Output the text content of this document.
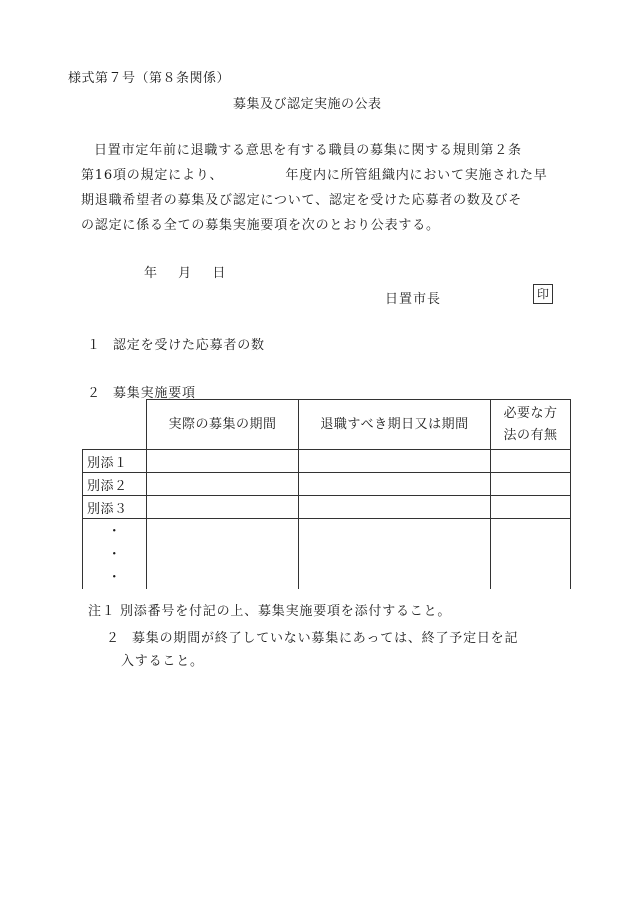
様式第７号（第８条関係）
募集及び認定実施の公表
日置市定年前に退職する意思を有する職員の募集に関する規則第２条
第16項の規定により、	年度内に所管組織内において実施された早
期退職希望者の募集及び認定について、認定を受けた応募者の数及びそ
の認定に係る全ての募集実施要項を次のとおり公表する。
年 月 日
日置市長	印
１ 認定を受けた応募者の数
２ 募集実施要項
	実際の募集の期間	退職すべき期日又は期間	必要な方
法の有無

別添１			
別添２			
別添３			

・
・
・			

注１ 別添番号を付記の上、募集実施要項を添付すること。
２ 募集の期間が終了していない募集にあっては、終了予定日を記
入すること。
